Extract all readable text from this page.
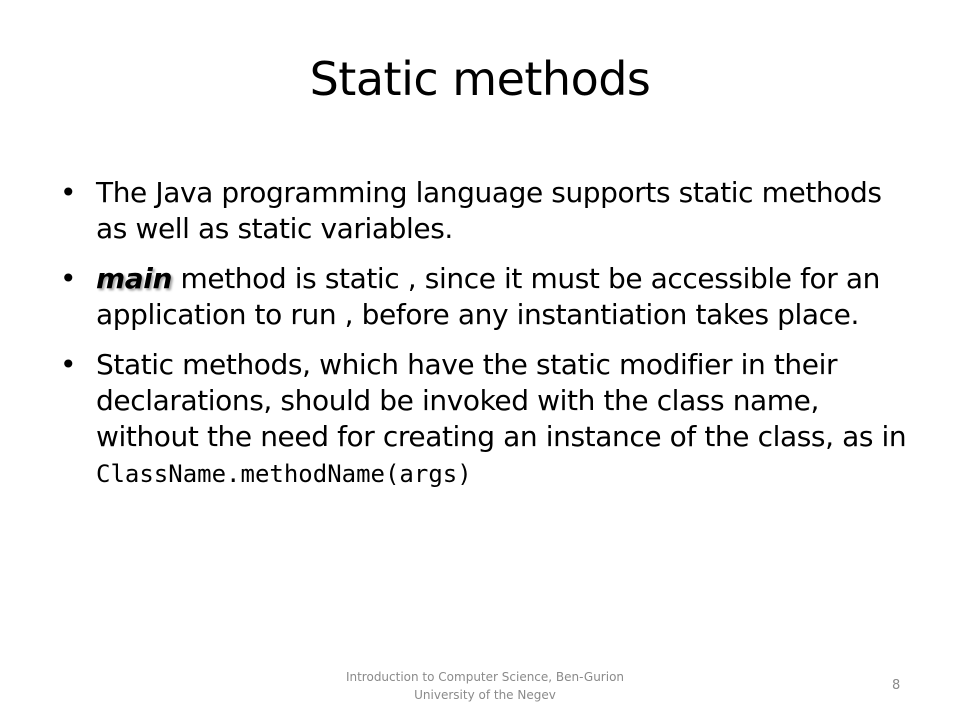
Static methods
• The Java programming language supports static methods as well as static variables.
• main method is static , since it must be accessible for an application to run , before any instantiation takes place.
• Static methods, which have the static modifier in their declarations, should be invoked with the class name, without the need for creating an instance of the class, as in ClassName.methodName(args)
Introduction to Computer Science, Ben-Gurion University of the Negev
8
